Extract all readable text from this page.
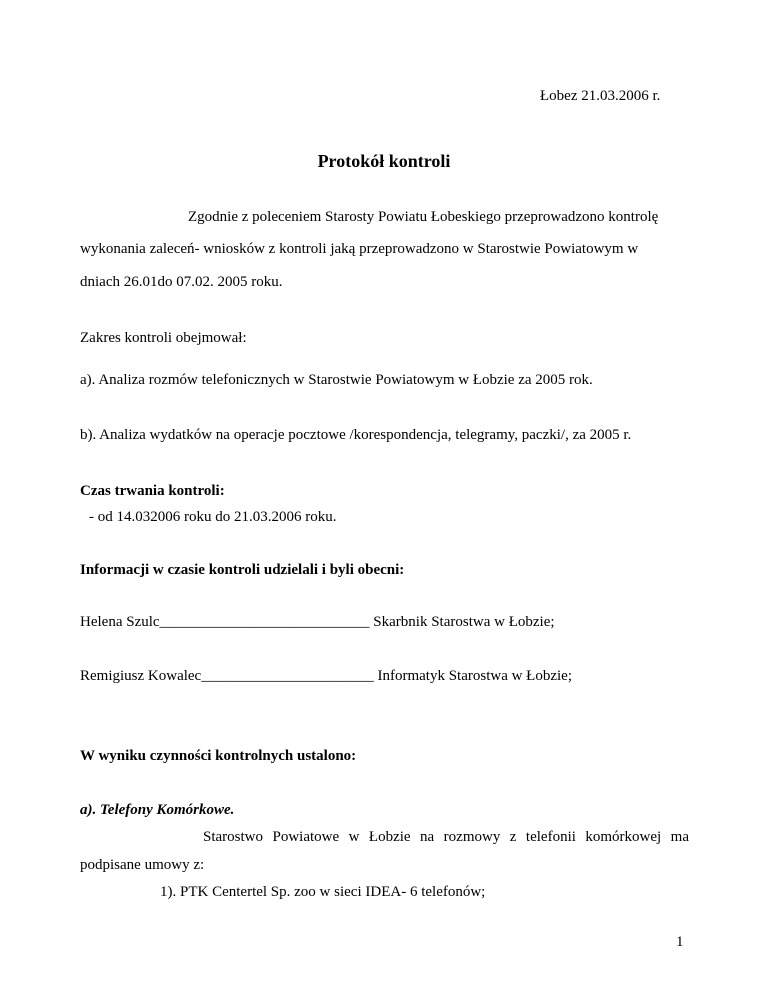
Łobez 21.03.2006 r.
Protokół kontroli
Zgodnie z poleceniem Starosty Powiatu Łobeskiego przeprowadzono kontrolę
wykonania zaleceń- wniosków z kontroli jaką przeprowadzono w Starostwie Powiatowym w
dniach 26.01do 07.02. 2005 roku.
Zakres kontroli obejmował:
a). Analiza rozmów telefonicznych w Starostwie Powiatowym w Łobzie za 2005 rok.
b). Analiza wydatków na operacje pocztowe /korespondencja, telegramy, paczki/, za 2005 r.
Czas trwania kontroli:
- od 14.032006 roku do 21.03.2006 roku.
Informacji w czasie kontroli udzielali i byli obecni:
Helena Szulc____________________________ Skarbnik Starostwa w Łobzie;
Remigiusz Kowalec_______________________ Informatyk Starostwa w Łobzie;
W wyniku czynności kontrolnych ustalono:
a). Telefony Komórkowe.
Starostwo Powiatowe w Łobzie na rozmowy z telefonii komórkowej ma
podpisane umowy z:
1). PTK Centertel Sp. zoo w sieci IDEA- 6 telefonów;
1
